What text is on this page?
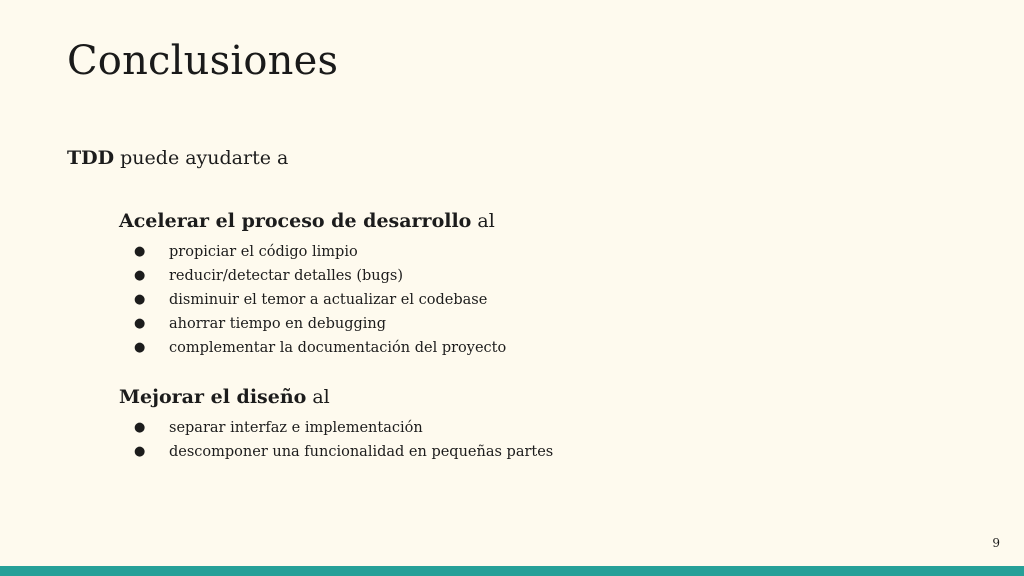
Conclusiones

TDD puede ayudarte a

Acelerar el proceso de desarrollo al

● propiciar el código limpio
● reducir/detectar detalles (bugs)
● disminuir el temor a actualizar el codebase
● ahorrar tiempo en debugging
● complementar la documentación del proyecto

Mejorar el diseño al

● separar interfaz e implementación
● descomponer una funcionalidad en pequeñas partes
9
